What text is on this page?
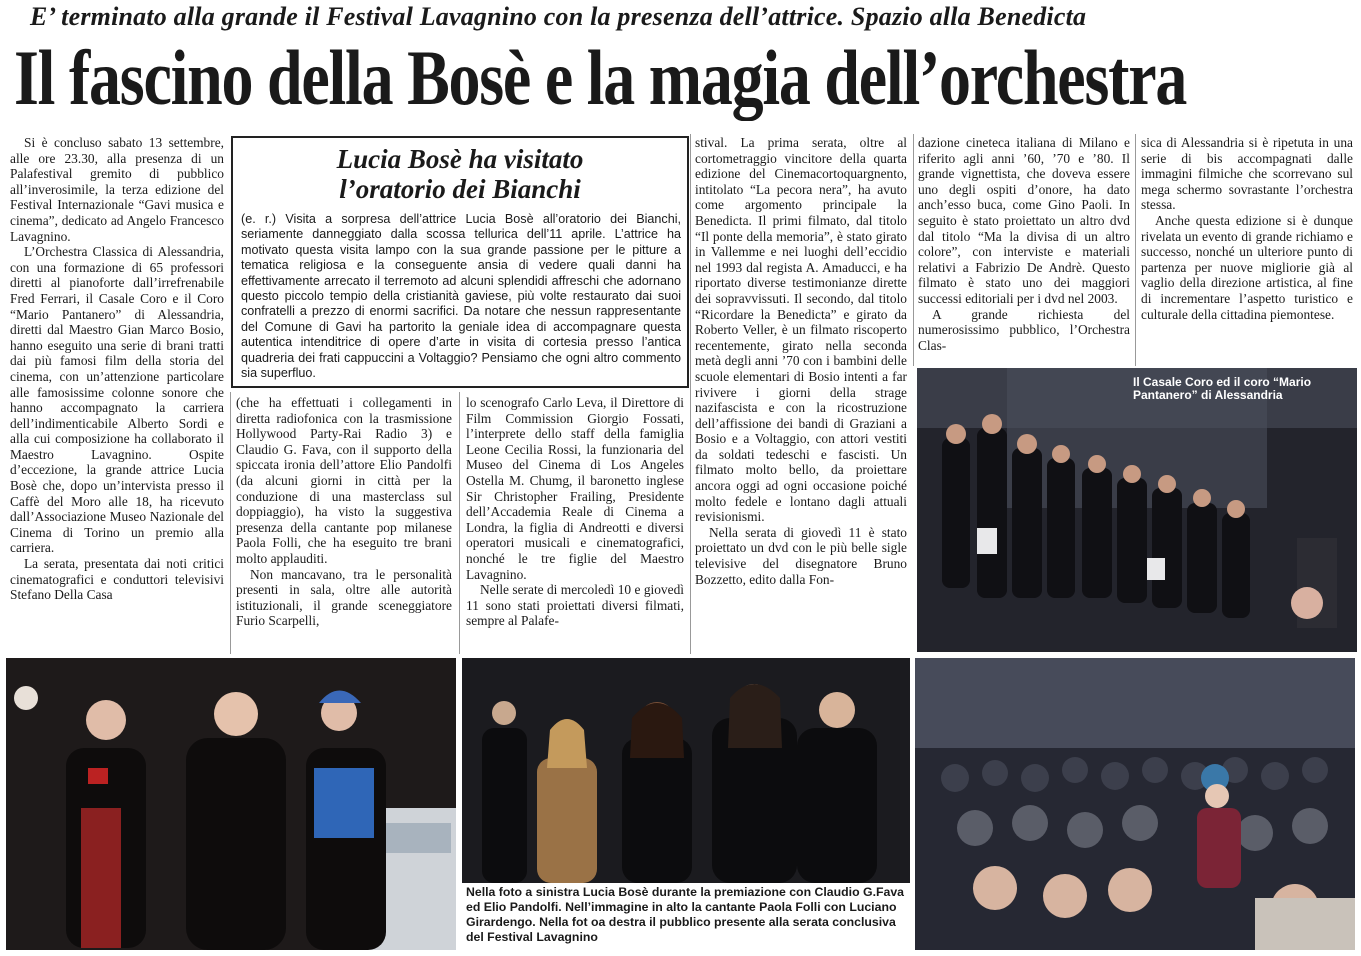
E’ terminato alla grande il Festival Lavagnino con la presenza dell’attrice. Spazio alla Benedicta
Il fascino della Bosè e la magia dell’orchestra

Si è concluso sabato 13 settembre, alle ore 23.30, alla presenza di un Palafestival gremito di pubblico all’inverosimile, la terza edizione del Festival Internazionale “Gavi musica e cinema”, dedicato ad Angelo Francesco Lavagnino.

L’Orchestra Classica di Alessandria, con una formazione di 65 professori diretti al pianoforte dall’irrefrenabile Fred Ferrari, il Casale Coro e il Coro “Mario Pantanero” di Alessandria, diretti dal Maestro Gian Marco Bosio, hanno eseguito una serie di brani tratti dai più famosi film della storia del cinema, con un’attenzione particolare alle famosissime colonne sonore che hanno accompagnato la carriera dell’indimenticabile Alberto Sordi e alla cui composizione ha collaborato il Maestro Lavagnino. Ospite d’eccezione, la grande attrice Lucia Bosè che, dopo un’intervista presso il Caffè del Moro alle 18, ha ricevuto dall’Associazione Museo Nazionale del Cinema di Torino un premio alla carriera.

La serata, presentata dai noti critici cinematografici e conduttori televisivi Stefano Della Casa

Lucia Bosè ha visitato
l’oratorio dei Bianchi
(e. r.) Visita a sorpresa dell’attrice Lucia Bosè all’oratorio dei Bianchi, seriamente danneggiato dalla scossa tellurica dell’11 aprile. L’attrice ha motivato questa visita lampo con la sua grande passione per le pitture a tematica religiosa e la conseguente ansia di vedere quali danni ha effettivamente arrecato il terremoto ad alcuni splendidi affreschi che adornano questo piccolo tempio della cristianità gaviese, più volte restaurato dai suoi confratelli a prezzo di enormi sacrifici. Da notare che nessun rappresentante del Comune di Gavi ha partorito la geniale idea di accompagnare questa autentica intenditrice di opere d’arte in visita di cortesia presso l’antica quadreria dei frati cappuccini a Voltaggio? Pensiamo che ogni altro commento sia superfluo.

(che ha effettuati i collegamenti in diretta radiofonica con la trasmissione Hollywood Party-Rai Radio 3) e Claudio G. Fava, con il supporto della spiccata ironia dell’attore Elio Pandolfi (da alcuni giorni in città per la conduzione di una masterclass sul doppiaggio), ha visto la suggestiva presenza della cantante pop milanese Paola Folli, che ha eseguito tre brani molto applauditi.

Non mancavano, tra le personalità presenti in sala, oltre alle autorità istituzionali, il grande sceneggiatore Furio Scarpelli,

lo scenografo Carlo Leva, il Direttore di Film Commission Giorgio Fossati, l’interprete dello staff della famiglia Leone Cecilia Rossi, la funzionaria del Museo del Cinema di Los Angeles Ostella M. Chumg, il baronetto inglese Sir Christopher Frailing, Presidente dell’Accademia Reale di Cinema a Londra, la figlia di Andreotti e diversi operatori musicali e cinematografici, nonché le tre figlie del Maestro Lavagnino.

Nelle serate di mercoledì 10 e giovedì 11 sono stati proiettati diversi filmati, sempre al Palafe-

stival. La prima serata, oltre al cortometraggio vincitore della quarta edizione del Cinemacortoquargnento, intitolato “La pecora nera”, ha avuto come argomento principale la Benedicta. Il primi filmato, dal titolo “Il ponte della memoria”, è stato girato in Vallemme e nei luoghi dell’eccidio nel 1993 dal regista A. Amaducci, e ha riportato diverse testimonianze dirette dei sopravvissuti. Il secondo, dal titolo “Ricordare la Benedicta” e girato da Roberto Veller, è un filmato riscoperto recentemente, girato nella seconda metà degli anni ’70 con i bambini delle scuole elementari di Bosio intenti a far rivivere i giorni della strage nazifascista e con la ricostruzione dell’affissione dei bandi di Graziani a Bosio e a Voltaggio, con attori vestiti da soldati tedeschi e fascisti. Un filmato molto bello, da proiettare ancora oggi ad ogni occasione poiché molto fedele e lontano dagli attuali revisionismi.

Nella serata di giovedì 11 è stato proiettato un dvd con le più belle sigle televisive del disegnatore Bruno Bozzetto, edito dalla Fon-

dazione cineteca italiana di Milano e riferito agli anni ’60, ’70 e ’80. Il grande vignettista, che doveva essere uno degli ospiti d’onore, ha dato anch’esso buca, come Gino Paoli. In seguito è stato proiettato un altro dvd dal titolo “Ma la divisa di un altro colore”, con interviste e materiali relativi a Fabrizio De Andrè. Questo filmato è stato uno dei maggiori successi editoriali per i dvd nel 2003.

A grande richiesta del numerosissimo pubblico, l’Orchestra Clas-

sica di Alessandria si è ripetuta in una serie di bis accompagnati dalle immagini filmiche che scorrevano sul mega schermo sovrastante l’orchestra stessa.

Anche questa edizione si è dunque rivelata un evento di grande richiamo e successo, nonché un ulteriore punto di partenza per nuove migliorie già al vaglio della direzione artistica, al fine di incrementare l’aspetto turistico e culturale della cittadina piemontese.

Il Casale Coro ed il coro “Mario Pantanero” di Alessandria
Nella foto a sinistra Lucia Bosè durante la premiazione con Claudio G.Fava ed Elio Pandolfi. Nell’immagine in alto la cantante Paola Folli con Luciano Girardengo. Nella fot oa destra il pubblico presente alla serata conclusiva del Festival Lavagnino
